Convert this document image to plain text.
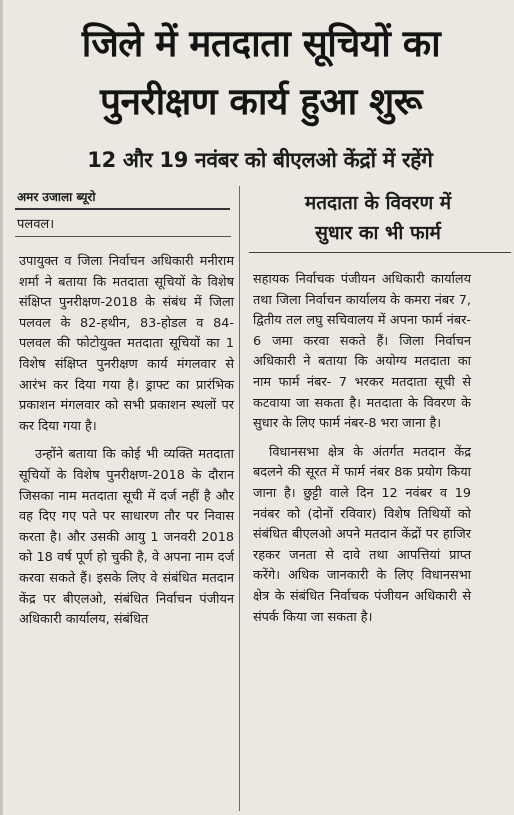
जिले में मतदाता सूचियों का
पुनरीक्षण कार्य हुआ शुरू
12 और 19 नवंबर को बीएलओ केंद्रों में रहेंगे
अमर उजाला ब्यूरो
पलवल।
मतदाता के विवरण में
सुधार का भी फार्म

उपायुक्त व जिला निर्वाचन अधिकारी मनीराम शर्मा ने बताया कि मतदाता सूचियों के विशेष संक्षिप्त पुनरीक्षण-2018 के संबंध में जिला पलवल के 82-हथीन, 83-होडल व 84-पलवल की फोटोयुक्त मतदाता सूचियों का 1 विशेष संक्षिप्त पुनरीक्षण कार्य मंगलवार से आरंभ कर दिया गया है। ड्राफ्ट का प्रारंभिक प्रकाशन मंगलवार को सभी प्रकाशन स्थलों पर कर दिया गया है।

उन्होंने बताया कि कोई भी व्यक्ति मतदाता सूचियों के विशेष पुनरीक्षण-2018 के दौरान जिसका नाम मतदाता सूची में दर्ज नहीं है और वह दिए गए पते पर साधारण तौर पर निवास करता है। और उसकी आयु 1 जनवरी 2018 को 18 वर्ष पूर्ण हो चुकी है, वे अपना नाम दर्ज करवा सकते हैं। इसके लिए वे संबंधित मतदान केंद्र पर बीएलओ, संबंधित निर्वाचन पंजीयन अधिकारी कार्यालय, संबंधित

सहायक निर्वाचक पंजीयन अधिकारी कार्यालय तथा जिला निर्वाचन कार्यालय के कमरा नंबर 7, द्वितीय तल लघु सचिवालय में अपना फार्म नंबर- 6 जमा करवा सकते हैं। जिला निर्वाचन अधिकारी ने बताया कि अयोग्य मतदाता का नाम फार्म नंबर- 7 भरकर मतदाता सूची से कटवाया जा सकता है। मतदाता के विवरण के सुधार के लिए फार्म नंबर-8 भरा जाना है।

विधानसभा क्षेत्र के अंतर्गत मतदान केंद्र बदलने की सूरत में फार्म नंबर 8क प्रयोग किया जाना है। छुट्टी वाले दिन 12 नवंबर व 19 नवंबर को (दोनों रविवार) विशेष तिथियों को संबंधित बीएलओ अपने मतदान केंद्रों पर हाजिर रहकर जनता से दावे तथा आपत्तियां प्राप्त करेंगे। अधिक जानकारी के लिए विधानसभा क्षेत्र के संबंधित निर्वाचक पंजीयन अधिकारी से संपर्क किया जा सकता है।
